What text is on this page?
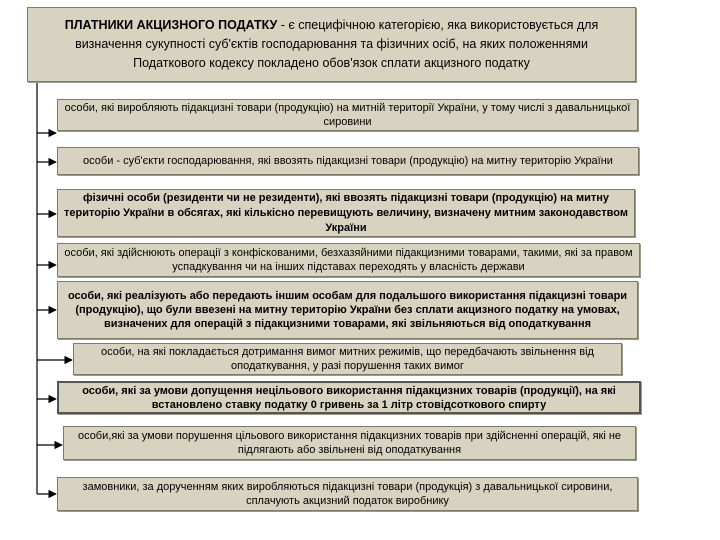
ПЛАТНИКИ АКЦИЗНОГО ПОДАТКУ - є специфічною категорією, яка використовується для визначення сукупності суб'єктів господарювання та фізичних осіб, на яких положеннями Податкового кодексу покладено обов'язок сплати акцизного податку
особи, які виробляють підакцизні товари (продукцію) на митній території України, у тому числі з давальницької сировини
особи - суб'єкти господарювання, які ввозять підакцизні товари (продукцію) на митну територію України
фізичні особи (резиденти чи не резиденти), які ввозять підакцизні товари (продукцію) на митну територію України в обсягах, які кількісно перевищують величину, визначену митним законодавством України
особи, які здійснюють операції з конфіскованими, безхазяйними підакцизними товарами, такими, які за правом успадкування чи на інших підставах переходять у власність держави
особи, які реалізують або передають іншим особам для подальшого використання підакцизні товари (продукцію), що були ввезені на митну територію України без сплати акцизного податку на умовах, визначених для операцій з підакцизними товарами, які звільняються від оподаткування
особи, на які покладається дотримання вимог митних режимів, що передбачають звільнення від оподаткування, у разі порушення таких вимог
особи, які за умови допущення нецільового використання підакцизних товарів (продукції), на які встановлено ставку податку 0 гривень за 1 літр стовідсоткового спирту
особи,які за умови порушення цільового використання підакцизних товарів при здійсненні операцій, які не підлягають або звільнені від оподаткування
замовники, за дорученням яких виробляються підакцизні товари (продукція) з давальницької сировини, сплачують акцизний податок виробнику
